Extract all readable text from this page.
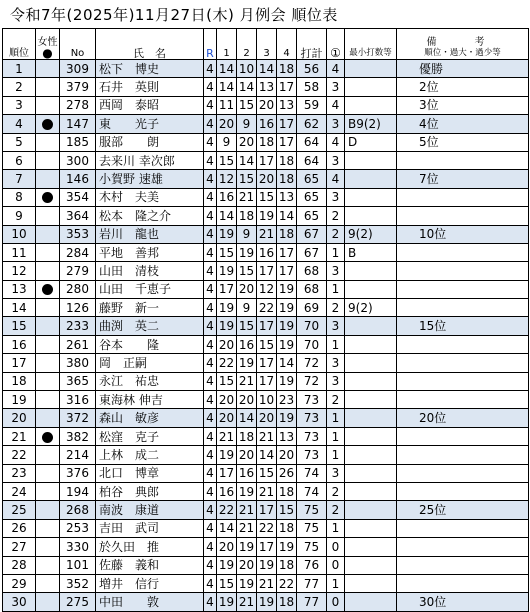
令和7年(2025年)11月27日(木) 月例会 順位表
順位	女性
●	No	氏　名	R	1	2	3	4	打計	①	最小打数等	備　考
順位・過大・過少等

1		309	松下　博史	4	14	10	14	18	56	4		優勝
2		379	石井　英則	4	14	14	13	17	58	3		2位
3		278	西岡　泰昭	4	11	15	20	13	59	4		3位
4		147	東　　光子	4	20	9	16	17	62	3	B9(2)	4位
5		185	服部　　朗	4	9	20	18	17	64	4	D	5位
6		300	去来川 幸次郎	4	15	14	17	18	64	3		
7		146	小賀野 速雄	4	12	15	20	18	65	4		7位
8		354	木村　夫美	4	16	21	15	13	65	3		
9		364	松本　隆之介	4	14	18	19	14	65	2		
10		353	岩川　龍也	4	19	9	21	18	67	2	9(2)	10位
11		284	平地　善邦	4	15	19	16	17	67	1	B	
12		279	山田　清枝	4	19	15	17	17	68	3		
13		280	山田　千恵子	4	17	20	12	19	68	1		
14		126	藤野　新一	4	19	9	22	19	69	2	9(2)	
15		233	曲渕　英二	4	19	15	17	19	70	3		15位
16		261	谷本　　隆	4	20	16	15	19	70	1		
17		380	岡　正嗣	4	22	19	17	14	72	3		
18		365	永江　祐忠	4	15	21	17	19	72	3		
19		316	東海林 伸吉	4	20	20	10	23	73	2		
20		372	森山　敏彦	4	20	14	20	19	73	1		20位
21		382	松窪　克子	4	21	18	21	13	73	1		
22		214	上林　成二	4	19	20	14	20	73	1		
23		376	北口　博章	4	17	16	15	26	74	3		
24		194	柏谷　典郎	4	16	19	21	18	74	2		
25		268	南波　康道	4	22	21	17	15	75	2		25位
26		253	吉田　武司	4	14	21	22	18	75	1		
27		330	於久田　推	4	20	19	17	19	75	0		
28		101	佐藤　義和	4	19	20	19	18	76	0		
29		352	増井　信行	4	15	19	21	22	77	1		
30		275	中田　　敦	4	19	21	19	18	77	0		30位
